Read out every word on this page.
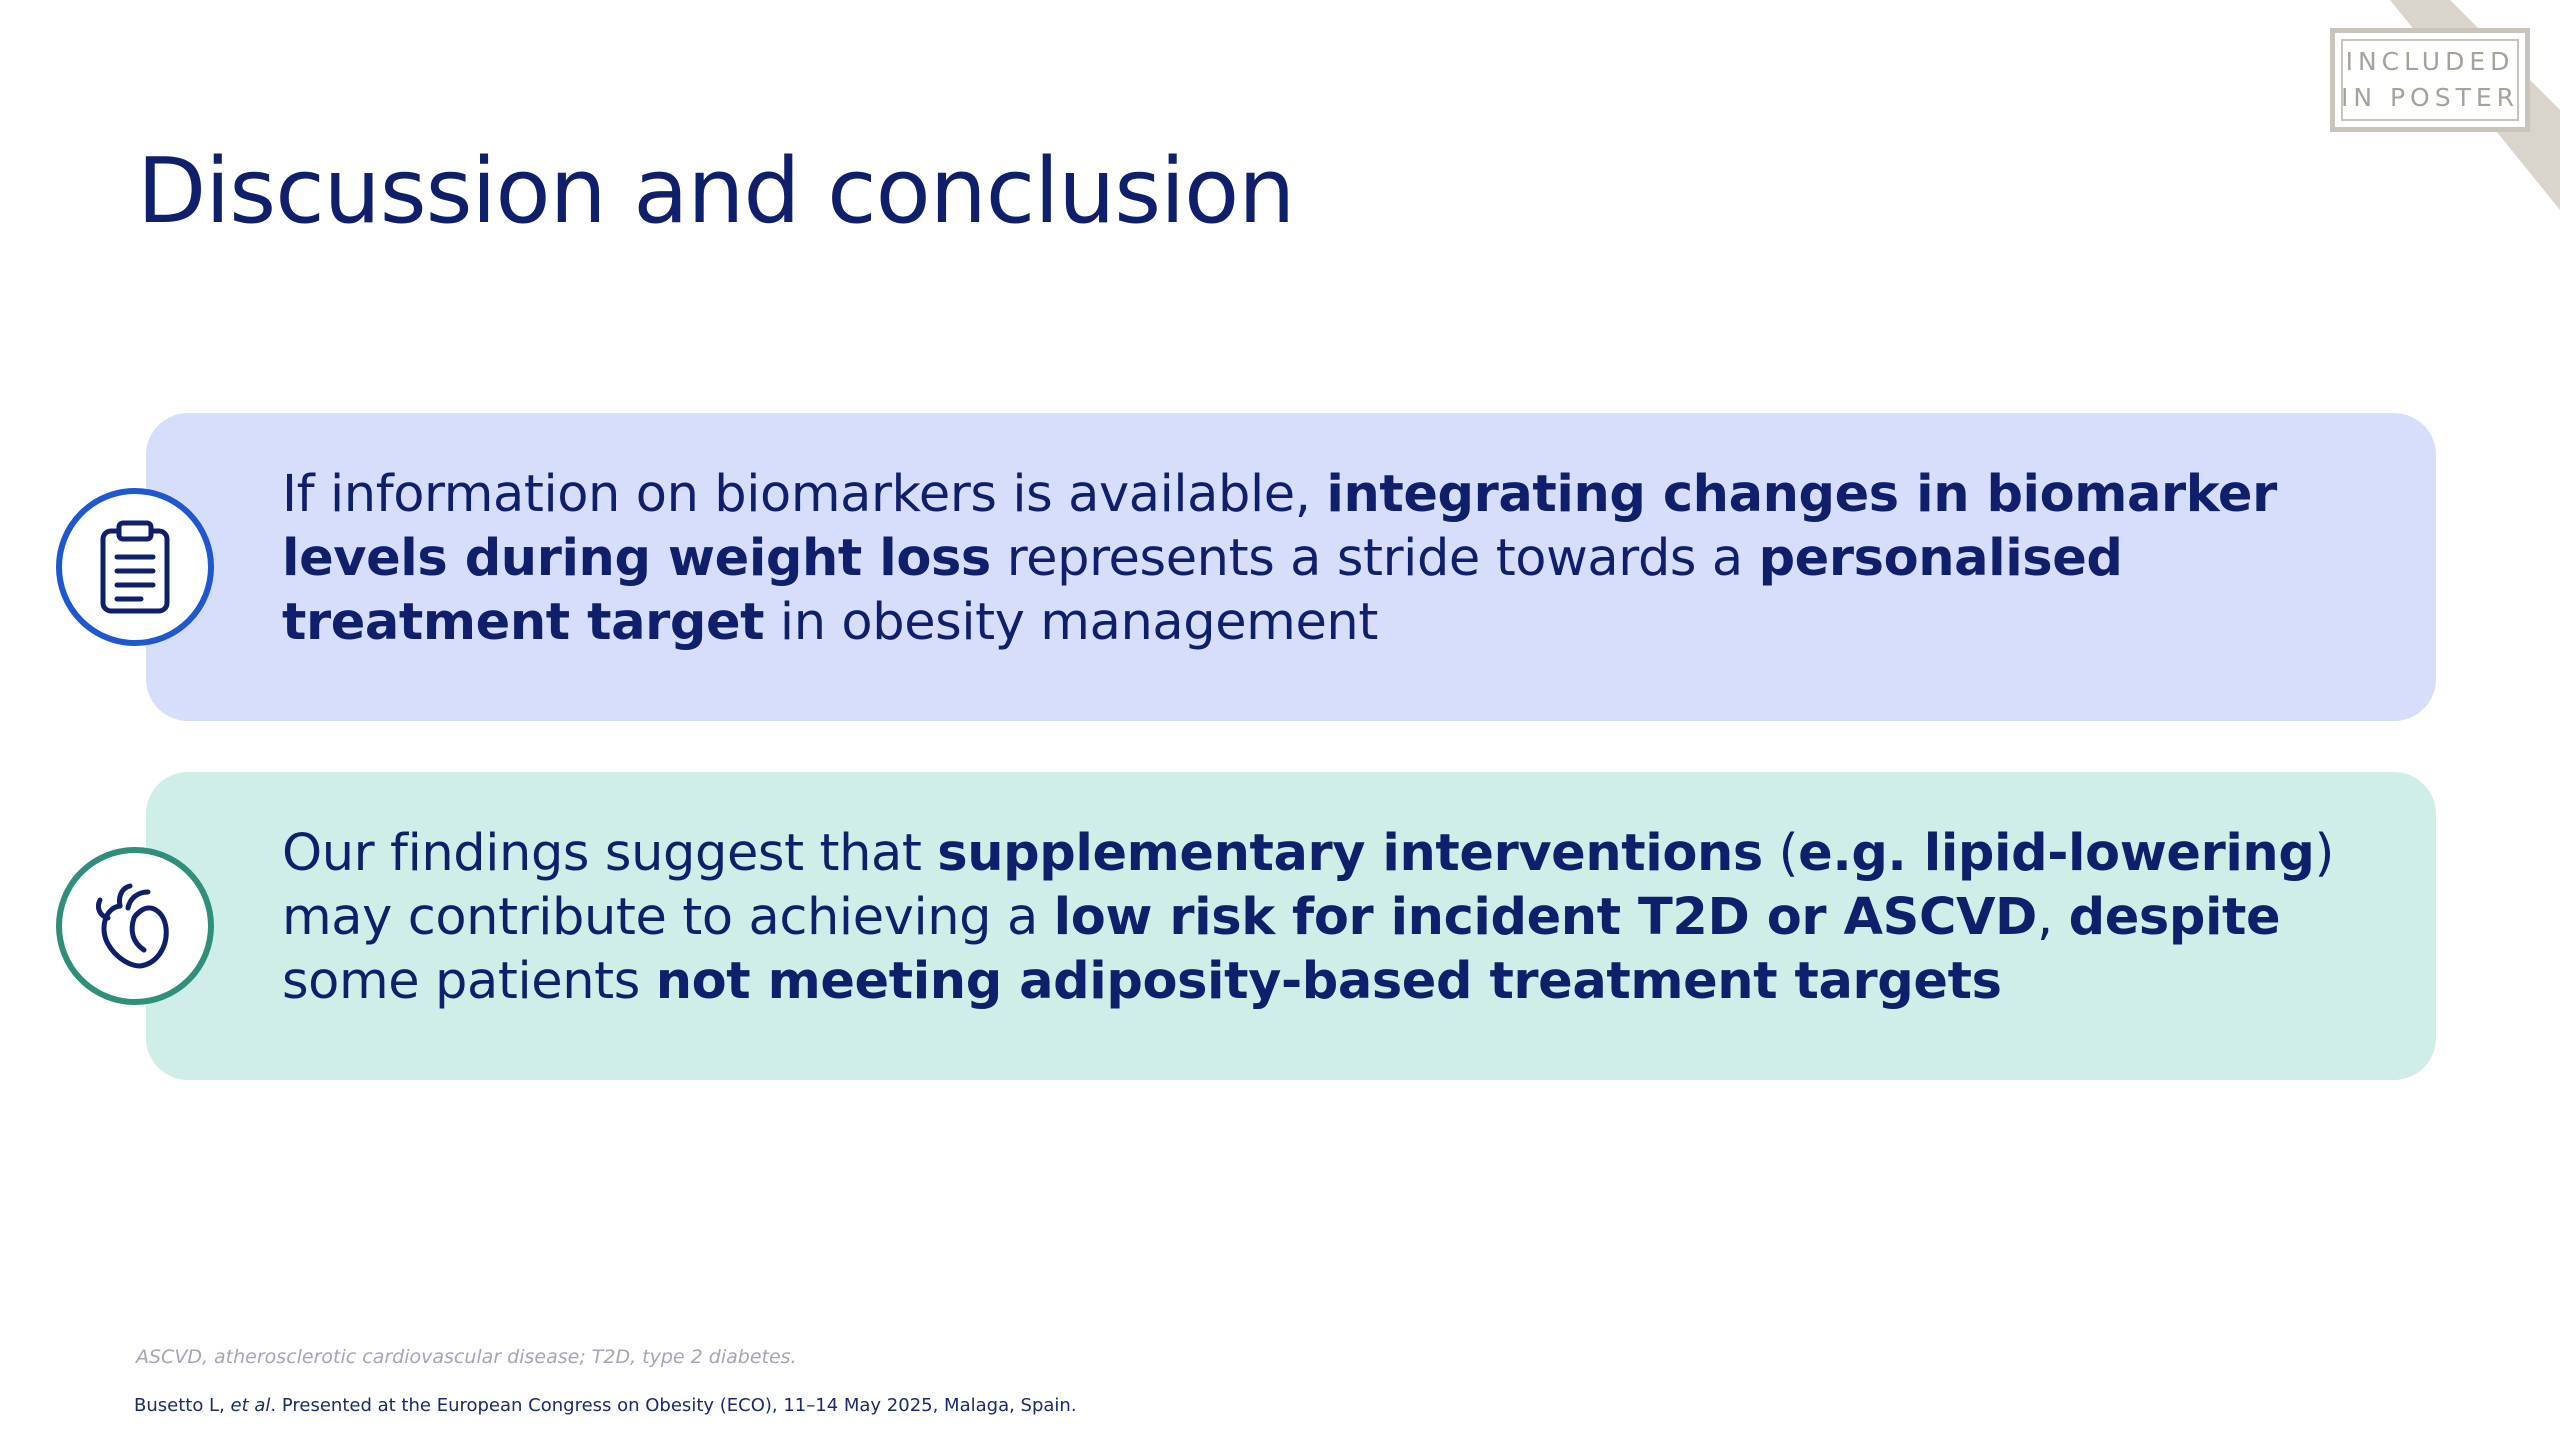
INCLUDED
IN POSTER
Discussion and conclusion

If information on biomarkers is available, integrating changes in biomarker levels during weight loss represents a stride towards a personalised treatment target in obesity management

Our findings suggest that supplementary interventions (e.g. lipid-lowering) may contribute to achieving a low risk for incident T2D or ASCVD, despite some patients not meeting adiposity-based treatment targets

ASCVD, atherosclerotic cardiovascular disease; T2D, type 2 diabetes.

Busetto L, et al. Presented at the European Congress on Obesity (ECO), 11–14 May 2025, Malaga, Spain.
